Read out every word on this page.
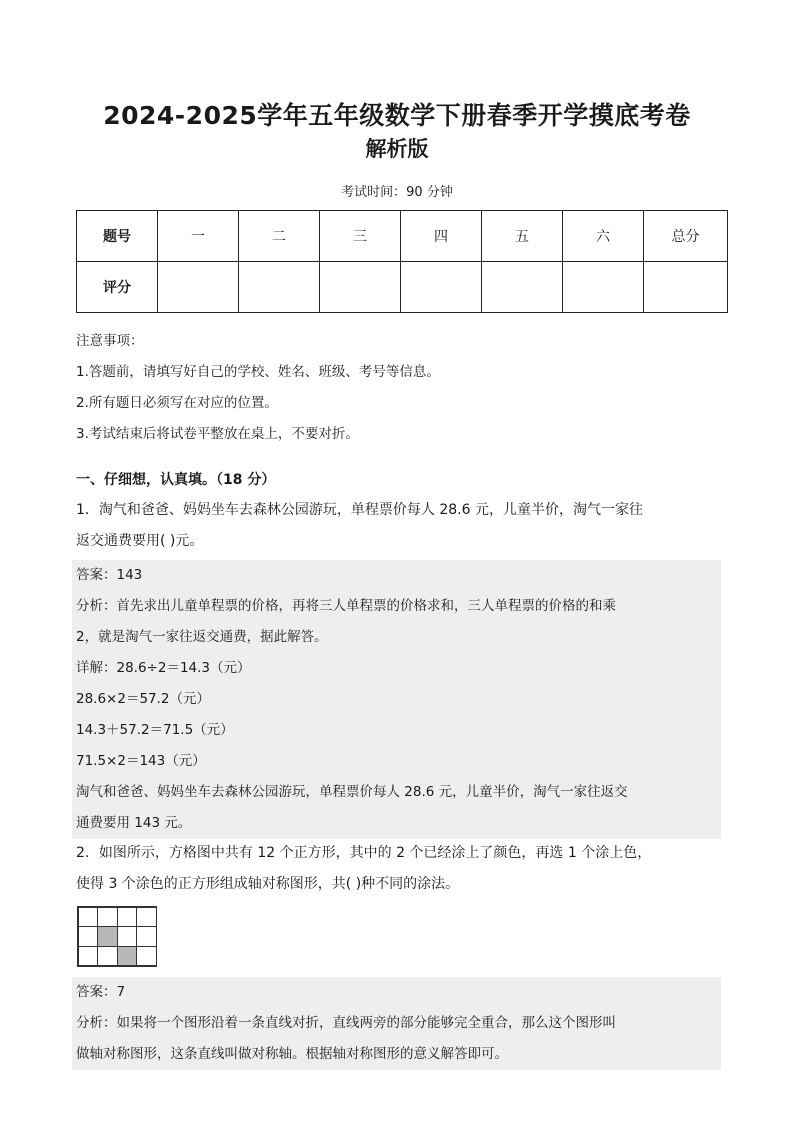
2024-2025学年五年级数学下册春季开学摸底考卷
解析版
考试时间：90 分钟
题号	一	二	三	四	五	六	总分
评分							
注意事项：
1.答题前，请填写好自己的学校、姓名、班级、考号等信息。
2.所有题日必须写在对应的位置。
3.考试结束后将试卷平整放在桌上，不要对折。
一、仔细想，认真填。（18 分）
1．淘气和爸爸、妈妈坐车去森林公园游玩，单程票价每人 28.6 元，儿童半价，淘气一家往
返交通费要用( )元。
答案：143
分析：首先求出儿童单程票的价格，再将三人单程票的价格求和，三人单程票的价格的和乘
2，就是淘气一家往返交通费，据此解答。
详解：28.6÷2＝14.3（元）
28.6×2＝57.2（元）
14.3＋57.2＝71.5（元）
71.5×2＝143（元）
淘气和爸爸、妈妈坐车去森林公园游玩，单程票价每人 28.6 元，儿童半价，淘气一家往返交
通费要用 143 元。
2．如图所示，方格图中共有 12 个正方形，其中的 2 个已经涂上了颜色，再选 1 个涂上色，
使得 3 个涂色的正方形组成轴对称图形，共( )种不同的涂法。
答案：7
分析：如果将一个图形沿着一条直线对折，直线两旁的部分能够完全重合，那么这个图形叫
做轴对称图形，这条直线叫做对称轴。根据轴对称图形的意义解答即可。
